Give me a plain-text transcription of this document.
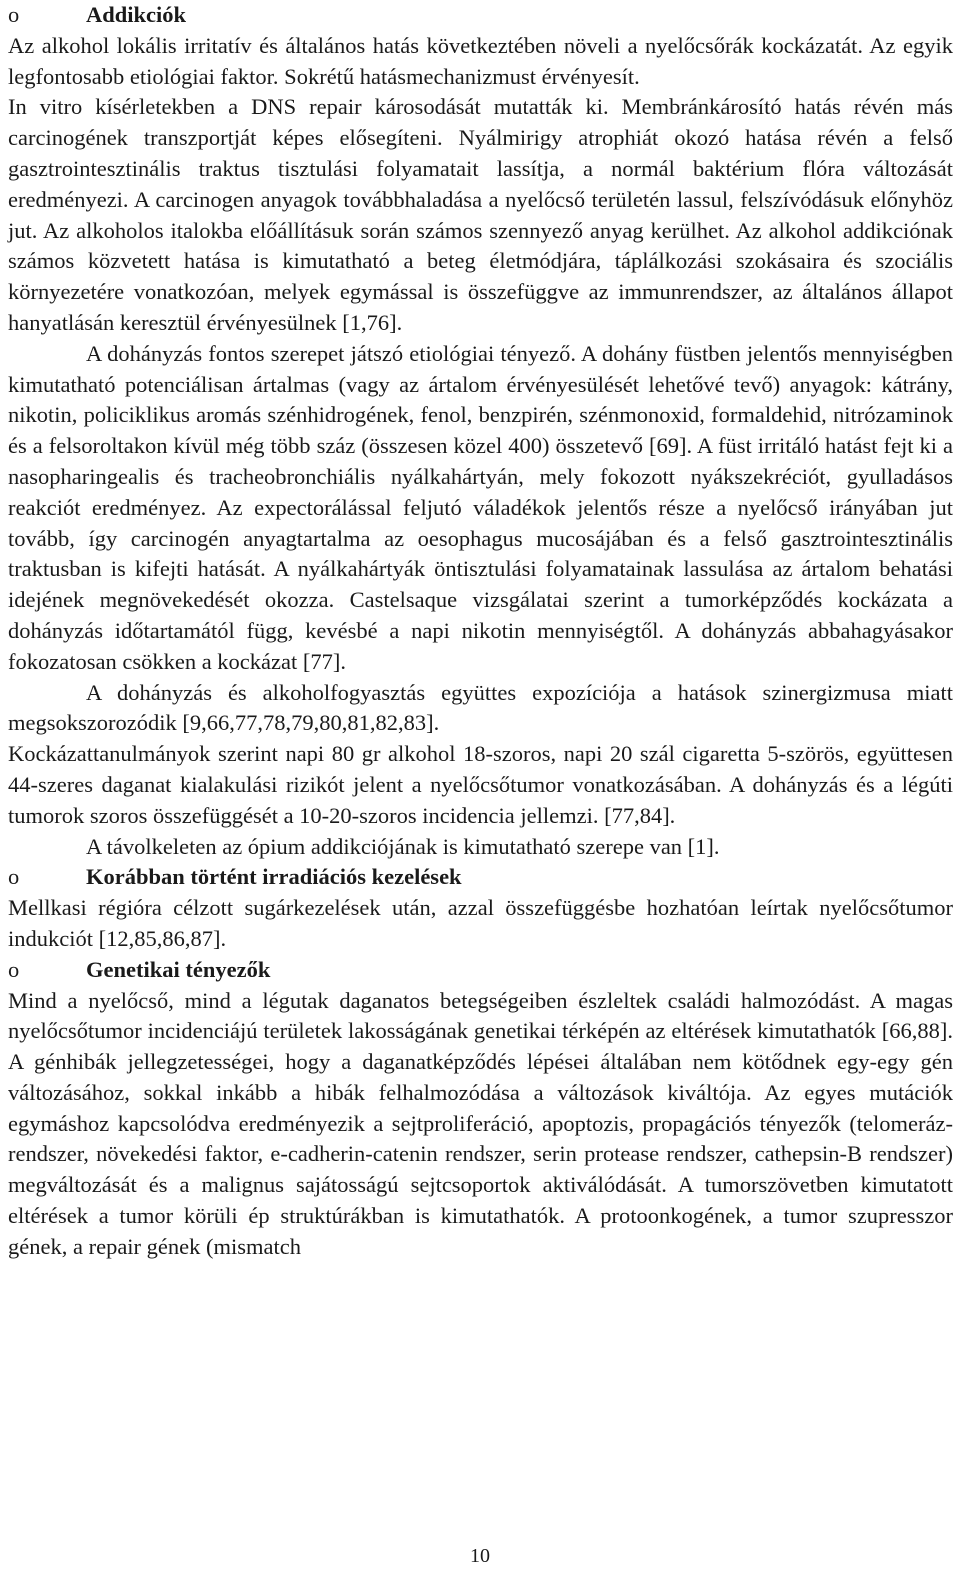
o	Addikciók

Az alkohol lokális irritatív és általános hatás következtében növeli a nyelőcsőrák kockázatát. Az egyik legfontosabb etiológiai faktor. Sokrétű hatásmechanizmust érvényesít.

In vitro kísérletekben a DNS repair károsodását mutatták ki. Membránkárosító hatás révén más carcinogének transzportját képes elősegíteni. Nyálmirigy atrophiát okozó hatása révén a felső gasztrointesztinális traktus tisztulási folyamatait lassítja, a normál baktérium flóra változását eredményezi. A carcinogen anyagok továbbhaladása a nyelőcső területén lassul, felszívódásuk előnyhöz jut. Az alkoholos italokba előállításuk során számos szennyező anyag kerülhet. Az alkohol addikciónak számos közvetett hatása is kimutatható a beteg életmódjára, táplálkozási szokásaira és szociális környezetére vonatkozóan, melyek egymással is összefüggve az immunrendszer, az általános állapot hanyatlásán keresztül érvényesülnek [1,76].

A dohányzás fontos szerepet játszó etiológiai tényező. A dohány füstben jelentős mennyiségben kimutatható potenciálisan ártalmas (vagy az ártalom érvényesülését lehetővé tevő) anyagok: kátrány, nikotin, policiklikus aromás szénhidrogének, fenol, benzpirén, szénmonoxid, formaldehid, nitrózaminok és a felsoroltakon kívül még több száz (összesen közel 400) összetevő [69]. A füst irritáló hatást fejt ki a nasopharingealis és tracheobronchiális nyálkahártyán, mely fokozott nyákszekréciót, gyulladásos reakciót eredményez. Az expectorálással feljutó váladékok jelentős része a nyelőcső irányában jut tovább, így carcinogén anyagtartalma az oesophagus mucosájában és a felső gasztrointesztinális traktusban is kifejti hatását. A nyálkahártyák öntisztulási folyamatainak lassulása az ártalom behatási idejének megnövekedését okozza. Castelsaque vizsgálatai szerint a tumorképződés kockázata a dohányzás időtartamától függ, kevésbé a napi nikotin mennyiségtől. A dohányzás abbahagyásakor fokozatosan csökken a kockázat [77].

A dohányzás és alkoholfogyasztás együttes expozíciója a hatások szinergizmusa miatt megsokszorozódik [9,66,77,78,79,80,81,82,83].

Kockázattanulmányok szerint napi 80 gr alkohol 18-szoros, napi 20 szál cigaretta 5-szörös, együttesen 44-szeres daganat kialakulási rizikót jelent a nyelőcsőtumor vonatkozásában. A dohányzás és a légúti tumorok szoros összefüggését a 10-20-szoros incidencia jellemzi. [77,84].

A távolkeleten az ópium addikciójának is kimutatható szerepe van [1].

o	Korábban történt irradiációs kezelések

Mellkasi régióra célzott sugárkezelések után, azzal összefüggésbe hozhatóan leírtak nyelőcsőtumor indukciót [12,85,86,87].

o	Genetikai tényezők

Mind a nyelőcső, mind a légutak daganatos betegségeiben észleltek családi halmozódást. A magas nyelőcsőtumor incidenciájú területek lakosságának genetikai térképén az eltérések kimutathatók [66,88]. A génhibák jellegzetességei, hogy a daganatképződés lépései általában nem kötődnek egy-egy gén változásához, sokkal inkább a hibák felhalmozódása a változások kiváltója. Az egyes mutációk egymáshoz kapcsolódva eredményezik a sejtproliferáció, apoptozis, propagációs tényezők (telomeráz-rendszer, növekedési faktor, e-cadherin-catenin rendszer, serin protease rendszer, cathepsin-B rendszer) megváltozását és a malignus sajátosságú sejtcsoportok aktiválódását. A tumorszövetben kimutatott eltérések a tumor körüli ép struktúrákban is kimutathatók. A protoonkogének, a tumor szupresszor gének, a repair gének (mismatch

10
